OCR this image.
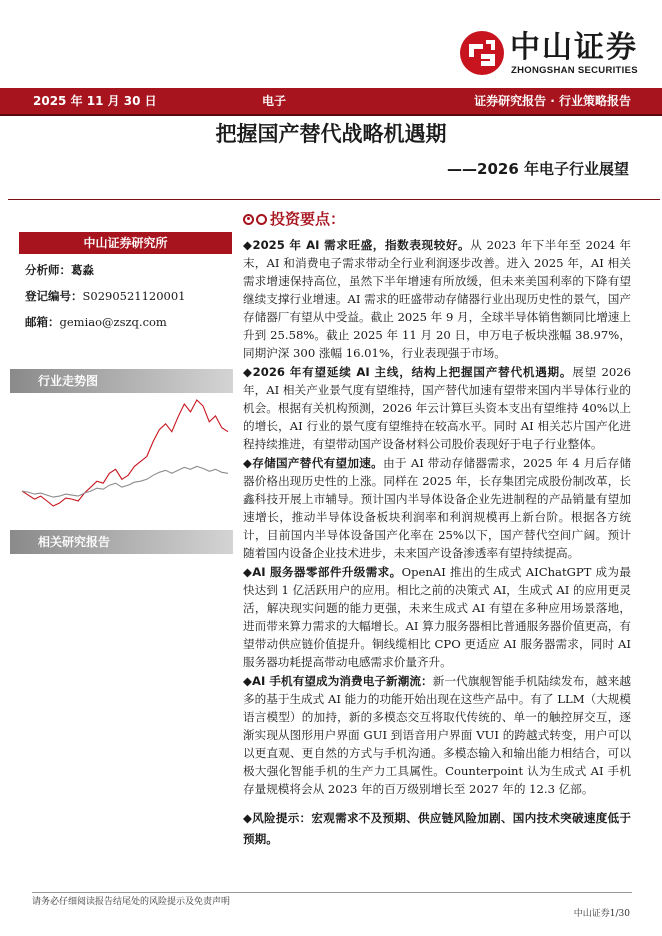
中山证券
ZHONGSHAN SECURITIES
2025 年 11 月 30 日	电子	证券研究报告 · 行业策略报告
把握国产替代战略机遇期
——2026 年电子行业展望
中山证券研究所
分析师：葛淼
登记编号：S0290521120001
邮箱：gemiao@zszq.com
行业走势图
相关研究报告
投资要点：
◆2025 年 AI 需求旺盛，指数表现较好。从 2023 年下半年至 2024 年末，AI 和消费电子需求带动全行业利润逐步改善。进入 2025 年，AI 相关需求增速保持高位，虽然下半年增速有所放缓，但未来美国利率的下降有望继续支撑行业增速。AI 需求的旺盛带动存储器行业出现历史性的景气，国产存储器厂有望从中受益。截止 2025 年 9 月，全球半导体销售额同比增速上升到 25.58%。截止 2025 年 11 月 20 日，申万电子板块涨幅 38.97%，同期沪深 300 涨幅 16.01%，行业表现强于市场。
◆2026 年有望延续 AI 主线，结构上把握国产替代机遇期。展望 2026 年，AI 相关产业景气度有望维持，国产替代加速有望带来国内半导体行业的机会。根据有关机构预测，2026 年云计算巨头资本支出有望维持 40%以上的增长，AI 行业的景气度有望维持在较高水平。同时 AI 相关芯片国产化进程持续推进，有望带动国产设备材料公司股价表现好于电子行业整体。
◆存储国产替代有望加速。由于 AI 带动存储器需求，2025 年 4 月后存储器价格出现历史性的上涨。同样在 2025 年，长存集团完成股份制改革，长鑫科技开展上市辅导。预计国内半导体设备企业先进制程的产品销量有望加速增长，推动半导体设备板块利润率和利润规模再上新台阶。根据各方统计，目前国内半导体设备国产化率在 25%以下，国产替代空间广阔。预计随着国内设备企业技术进步，未来国产设备渗透率有望持续提高。
◆AI 服务器零部件升级需求。OpenAI 推出的生成式 AIChatGPT 成为最快达到 1 亿活跃用户的应用。相比之前的决策式 AI，生成式 AI 的应用更灵活，解决现实问题的能力更强，未来生成式 AI 有望在多种应用场景落地，进而带来算力需求的大幅增长。AI 算力服务器相比普通服务器价值更高，有望带动供应链价值提升。铜线缆相比 CPO 更适应 AI 服务器需求，同时 AI 服务器功耗提高带动电感需求价量齐升。
◆AI 手机有望成为消费电子新潮流：新一代旗舰智能手机陆续发布，越来越多的基于生成式 AI 能力的功能开始出现在这些产品中。有了 LLM（大规模语言模型）的加持，新的多模态交互将取代传统的、单一的触控屏交互，逐渐实现从图形用户界面 GUI 到语音用户界面 VUI 的跨越式转变，用户可以以更直观、更自然的方式与手机沟通。多模态输入和输出能力相结合，可以极大强化智能手机的生产力工具属性。Counterpoint 认为生成式 AI 手机存量规模将会从 2023 年的百万级别增长至 2027 年的 12.3 亿部。
◆风险提示：宏观需求不及预期、供应链风险加剧、国内技术突破速度低于预期。
请务必仔细阅读报告结尾处的风险提示及免责声明
中山证券1/30
